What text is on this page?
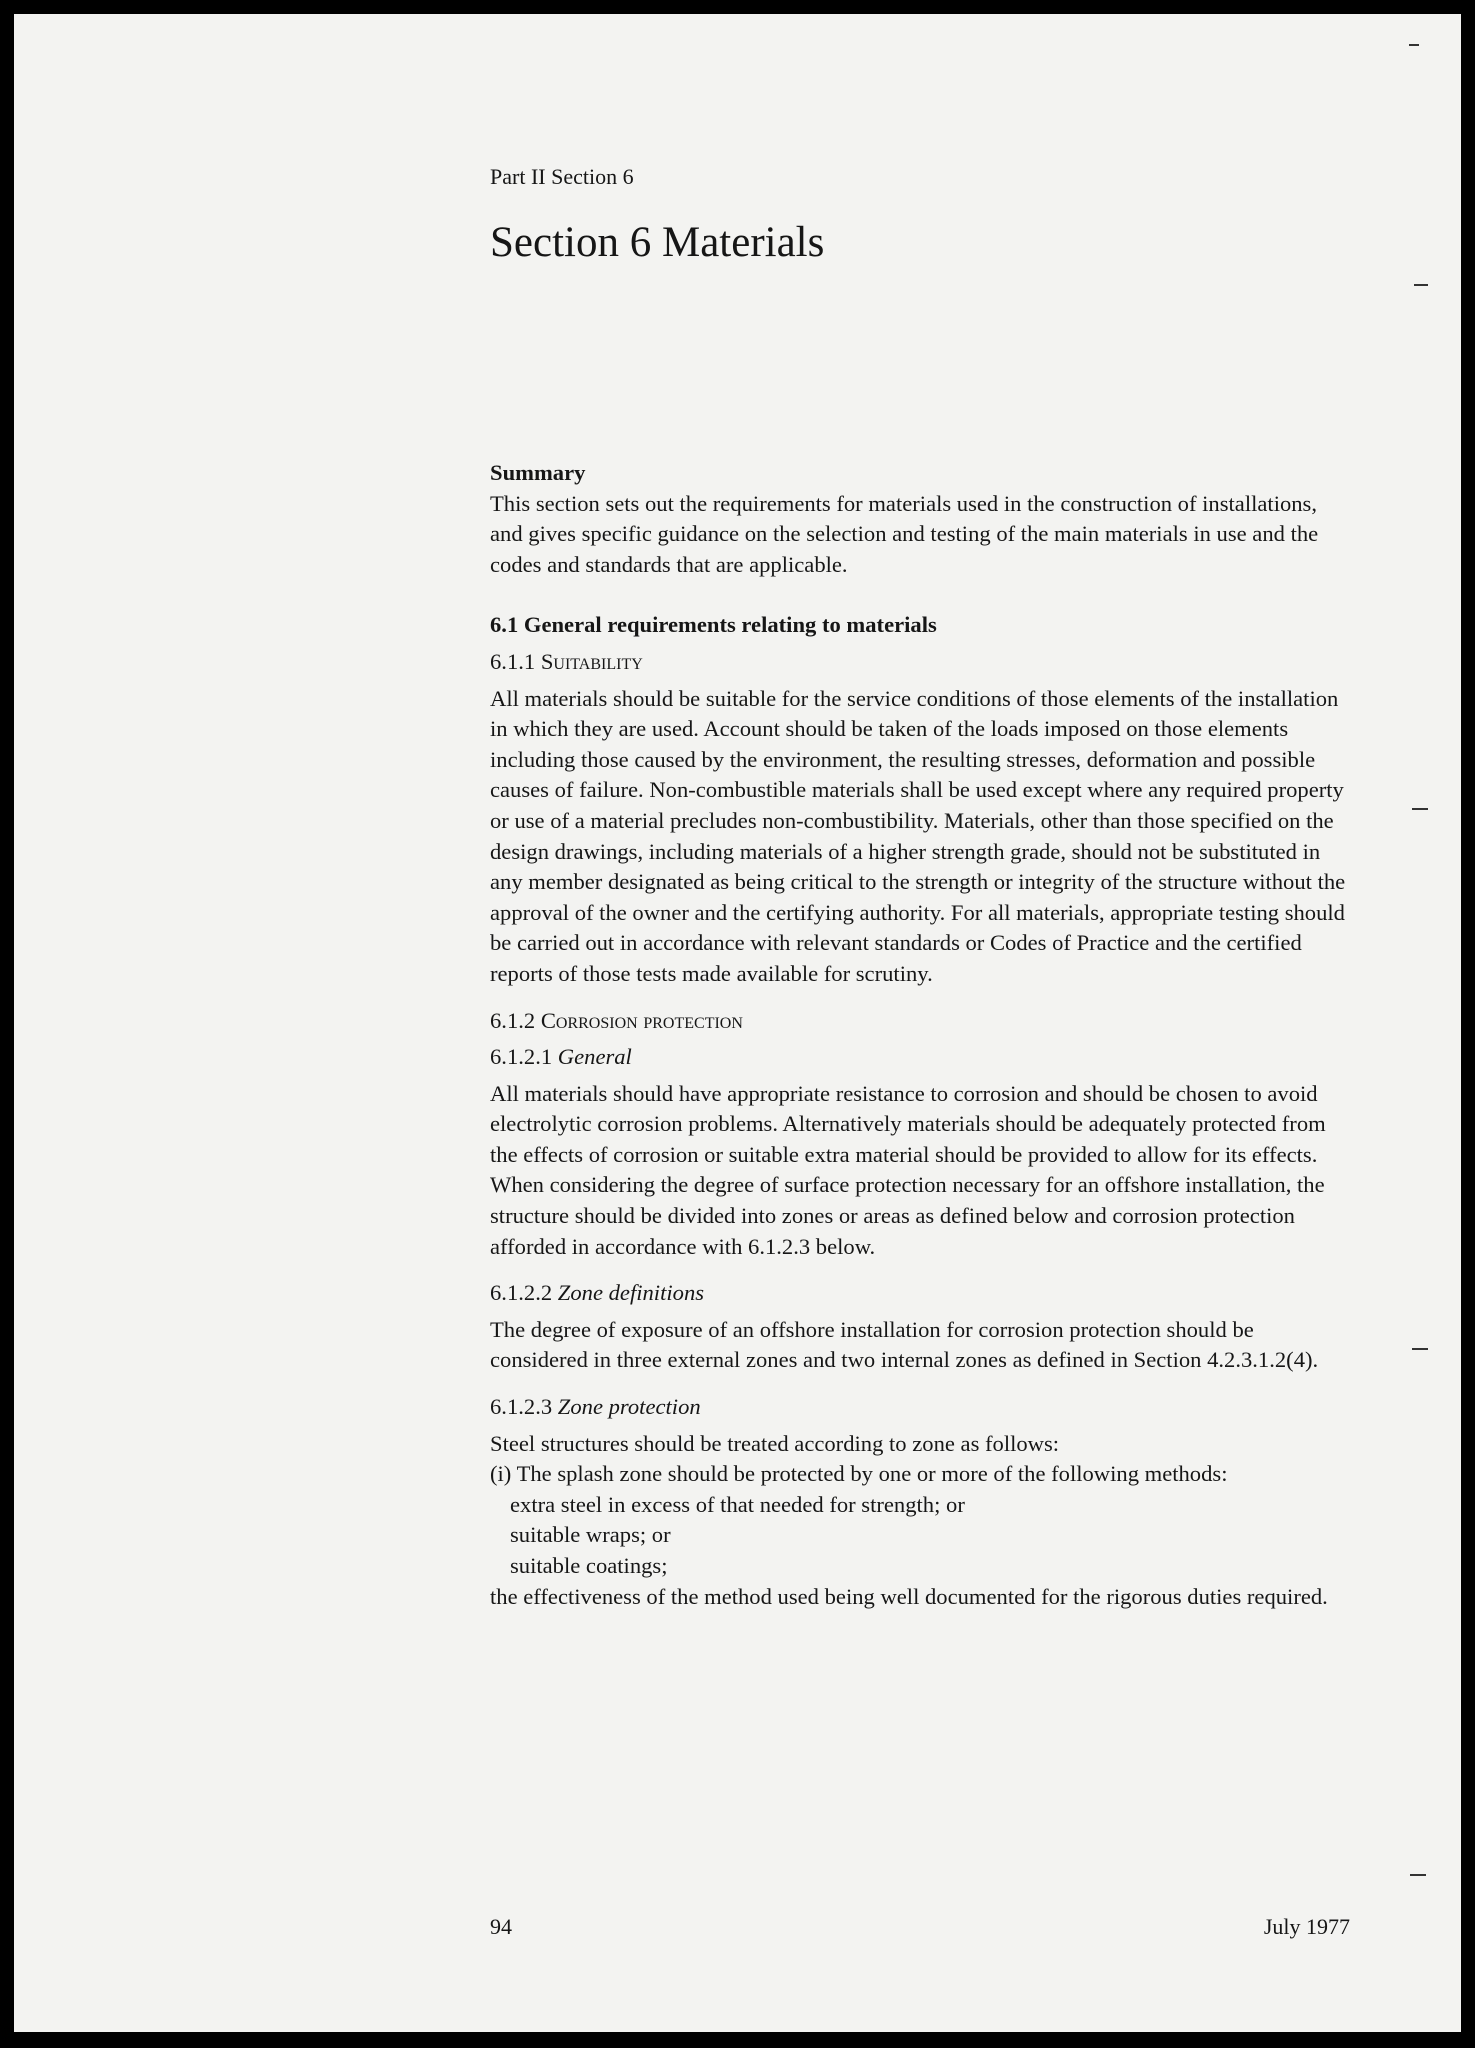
Part II Section 6
Section 6 Materials

Summary

This section sets out the requirements for materials used in the construction of installations, and gives specific guidance on the selection and testing of the main materials in use and the codes and standards that are applicable.

6.1 General requirements relating to materials

6.1.1 Suitability

All materials should be suitable for the service conditions of those elements of the installation in which they are used. Account should be taken of the loads imposed on those elements including those caused by the environment, the resulting stresses, deformation and possible causes of failure. Non-combustible materials shall be used except where any required property or use of a material precludes non-combustibility. Materials, other than those specified on the design drawings, including materials of a higher strength grade, should not be substituted in any member designated as being critical to the strength or integrity of the structure without the approval of the owner and the certifying authority. For all materials, appropriate testing should be carried out in accordance with relevant standards or Codes of Practice and the certified reports of those tests made available for scrutiny.

6.1.2 Corrosion protection

6.1.2.1 General

All materials should have appropriate resistance to corrosion and should be chosen to avoid electrolytic corrosion problems. Alternatively materials should be adequately protected from the effects of corrosion or suitable extra material should be provided to allow for its effects. When considering the degree of surface protection necessary for an offshore installation, the structure should be divided into zones or areas as defined below and corrosion protection afforded in accordance with 6.1.2.3 below.

6.1.2.2 Zone definitions

The degree of exposure of an offshore installation for corrosion protection should be considered in three external zones and two internal zones as defined in Section 4.2.3.1.2(4).

6.1.2.3 Zone protection

Steel structures should be treated according to zone as follows:

(i) The splash zone should be protected by one or more of the following methods:

extra steel in excess of that needed for strength; or
suitable wraps; or
suitable coatings;

the effectiveness of the method used being well documented for the rigorous duties required.

94	July 1977
